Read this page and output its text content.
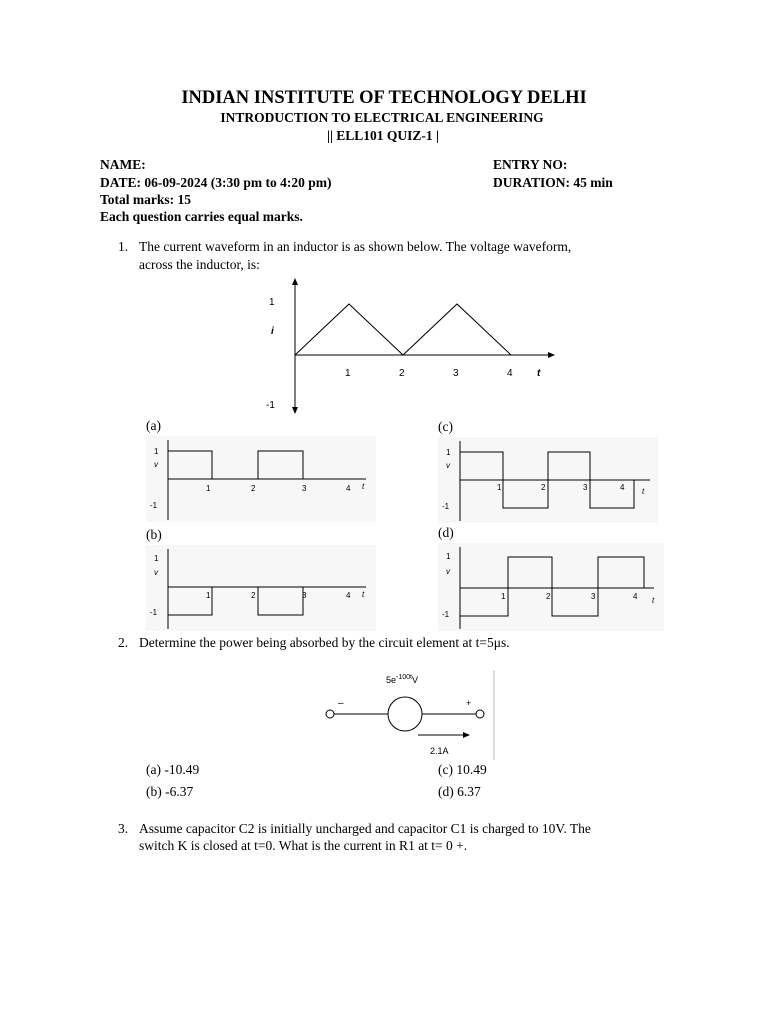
INDIAN INSTITUTE OF TECHNOLOGY DELHI
INTRODUCTION TO ELECTRICAL ENGINEERING
|| ELL101 QUIZ-1 |
NAME:	ENTRY NO:
DATE: 06-09-2024 (3:30 pm to 4:20 pm)	DURATION: 45 min
Total marks: 15
Each question carries equal marks.
1. The current waveform in an inductor is as shown below. The voltage waveform,
across the inductor, is:
1
i
-1
1	2	3	4 t
(a)	(c)
(b)	(d)
1
v
-1
1	2	3	4 t
1
v
-1
1	2	3	4 t
1
v
-1
1	2	3	4 t
1
v
-1
1	2	3	4 t
2. Determine the power being absorbed by the circuit element at t=5μs.
$5e^{-100t}V$
–	+
2.1A
(a) -10.49	(c) 10.49
(b) -6.37	(d) 6.37
3. Assume capacitor C2 is initially uncharged and capacitor C1 is charged to 10V. The
switch K is closed at t=0. What is the current in R1 at t= 0 +.
